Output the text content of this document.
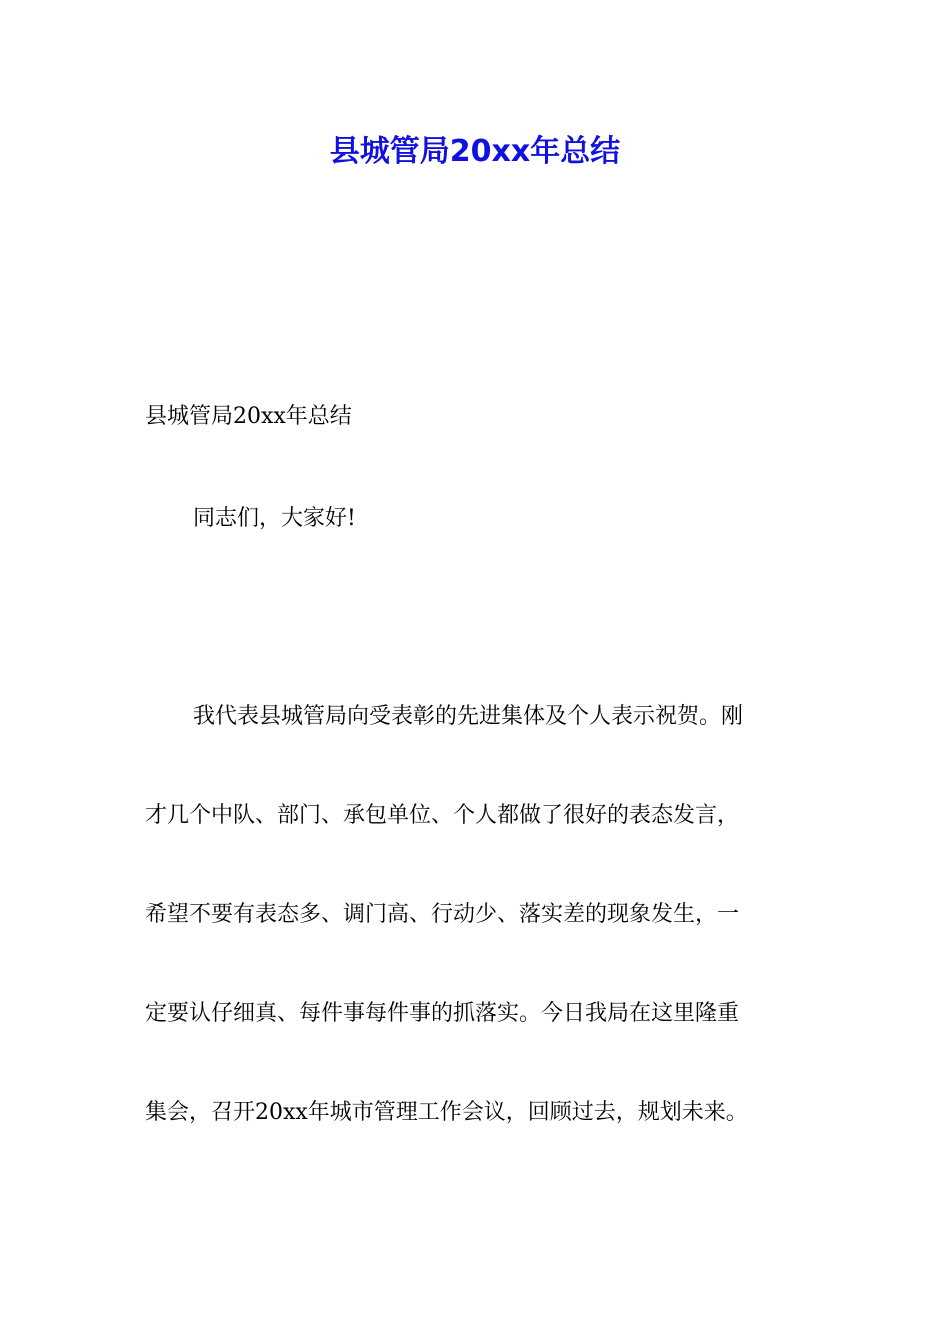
县城管局20xx年总结

县城管局20xx年总结

同志们，大家好!

我代表县城管局向受表彰的先进集体及个人表示祝贺。刚

才几个中队、部门、承包单位、个人都做了很好的表态发言，

希望不要有表态多、调门高、行动少、落实差的现象发生，一

定要认仔细真、每件事每件事的抓落实。今日我局在这里隆重

集会，召开20xx年城市管理工作会议，回顾过去，规划未来。
